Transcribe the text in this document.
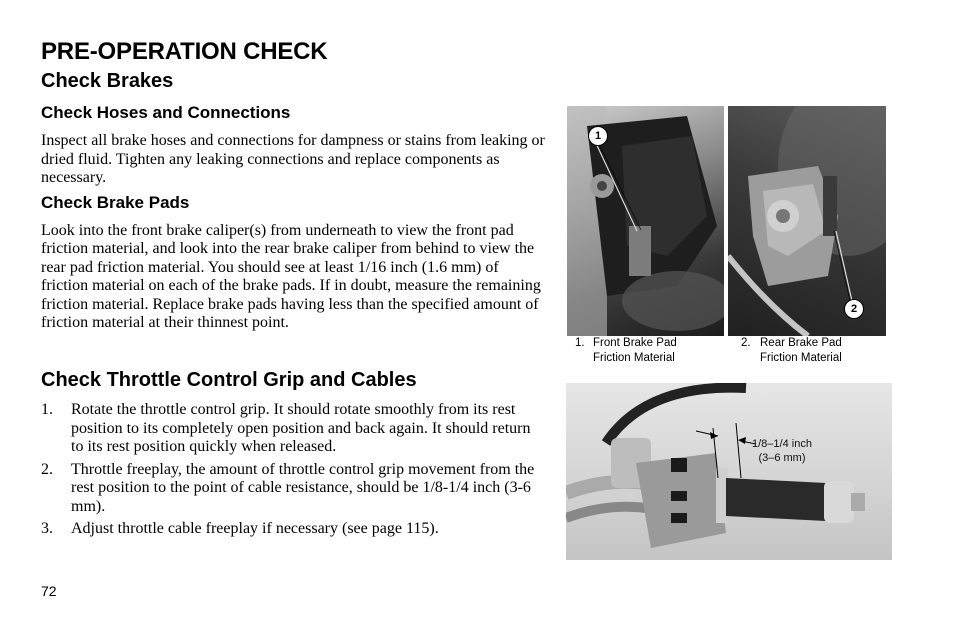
PRE-OPERATION CHECK
Check Brakes
Check Hoses and Connections

Inspect all brake hoses and connections for dampness or stains from leaking or dried fluid. Tighten any leaking connections and replace components as necessary.

Check Brake Pads

Look into the front brake caliper(s) from underneath to view the front pad friction material, and look into the rear brake caliper from behind to view the rear pad friction material. You should see at least 1/16 inch (1.6 mm) of friction material on each of the brake pads. If in doubt, measure the remaining friction material. Replace brake pads having less than the specified amount of friction material at their thinnest point.

Check Throttle Control Grip and Cables
1. Rotate the throttle control grip. It should rotate smoothly from its rest position to its completely open position and back again. It should return to its rest position quickly when released.
2. Throttle freeplay, the amount of throttle control grip movement from the rest position to the point of cable resistance, should be 1/8-1/4 inch (3-6 mm).
3. Adjust throttle cable freeplay if necessary (see page 115).
1
2
1. Front Brake Pad
Friction Material
2. Rear Brake Pad
Friction Material
1/8–1/4 inch
(3–6 mm)
72
